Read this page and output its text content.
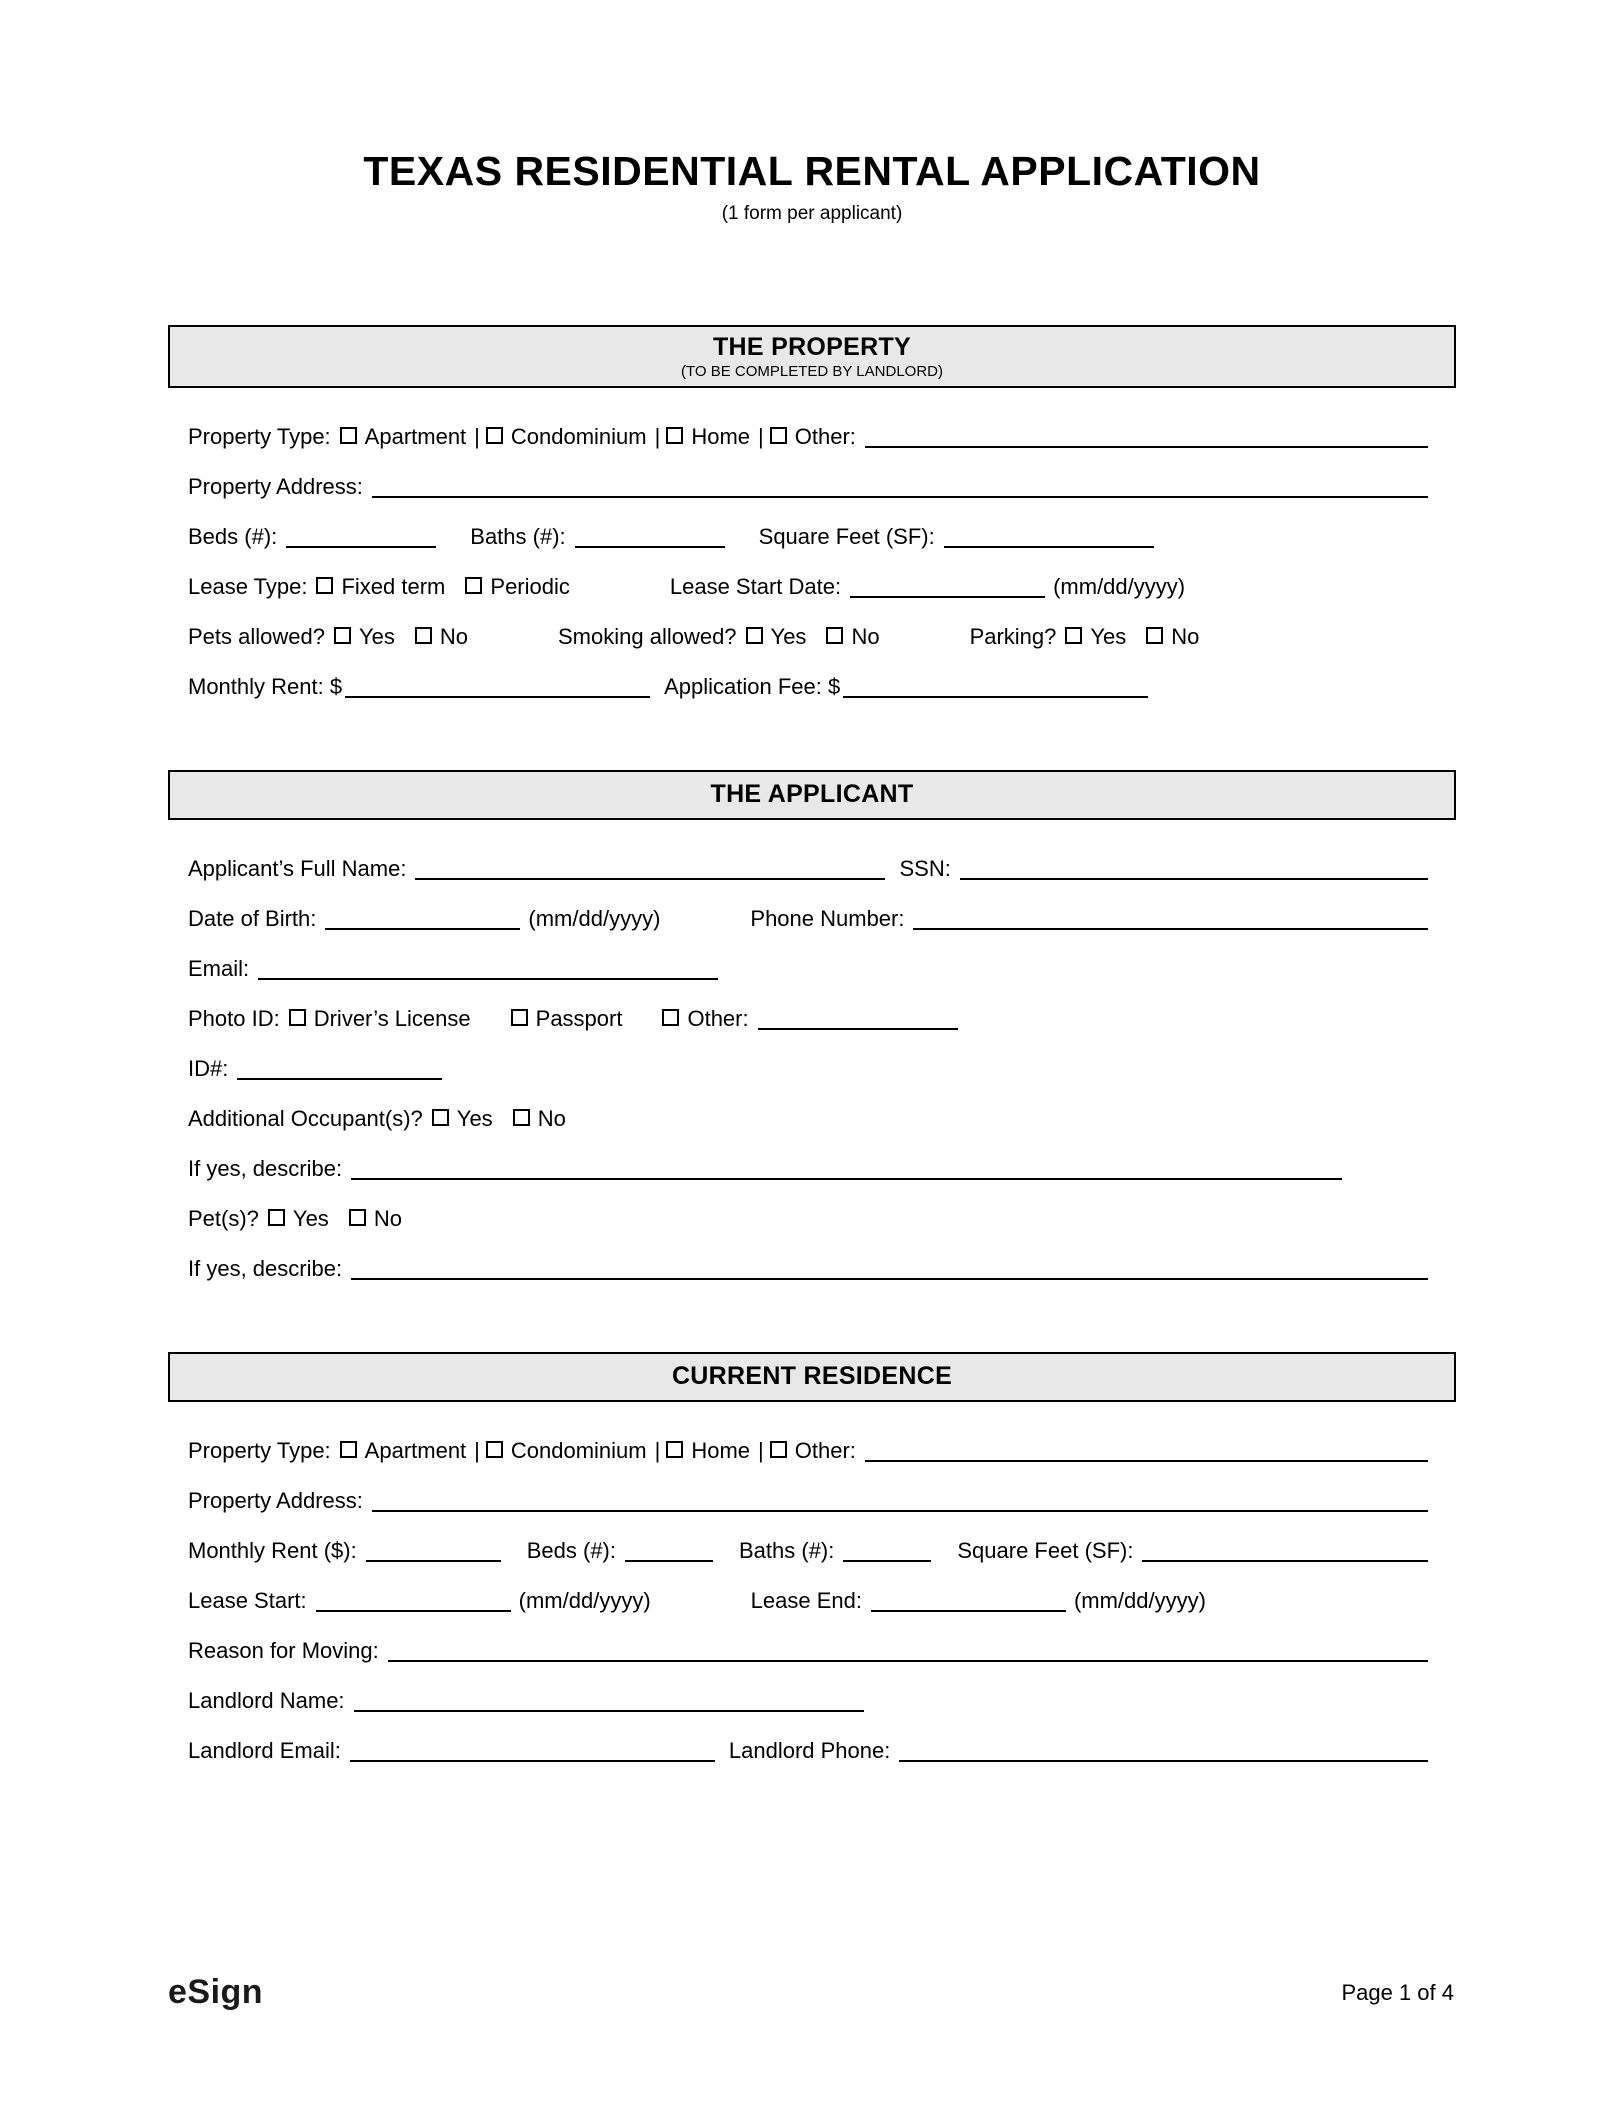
TEXAS RESIDENTIAL RENTAL APPLICATION
(1 form per applicant)
THE PROPERTY
(TO BE COMPLETED BY LANDLORD)
Property Type: Apartment | Condominium | Home | Other:
Property Address:
Beds (#):	Baths (#):	Square Feet (SF):
Lease Type: Fixed term Periodic	Lease Start Date:	(mm/dd/yyyy)
Pets allowed? Yes No	Smoking allowed? Yes No	Parking? Yes No
Monthly Rent: $	Application Fee: $
THE APPLICANT
Applicant’s Full Name:	SSN:
Date of Birth:	(mm/dd/yyyy)	Phone Number:
Email:
Photo ID: Driver’s License	Passport	Other:
ID#:
Additional Occupant(s)? Yes No
If yes, describe:
Pet(s)? Yes No
If yes, describe:
CURRENT RESIDENCE
Property Type: Apartment | Condominium | Home | Other:
Property Address:
Monthly Rent ($):	Beds (#):	Baths (#):	Square Feet (SF):
Lease Start:	(mm/dd/yyyy)	Lease End:	(mm/dd/yyyy)
Reason for Moving:
Landlord Name:
Landlord Email:	Landlord Phone:
eSign	Page 1 of 4
